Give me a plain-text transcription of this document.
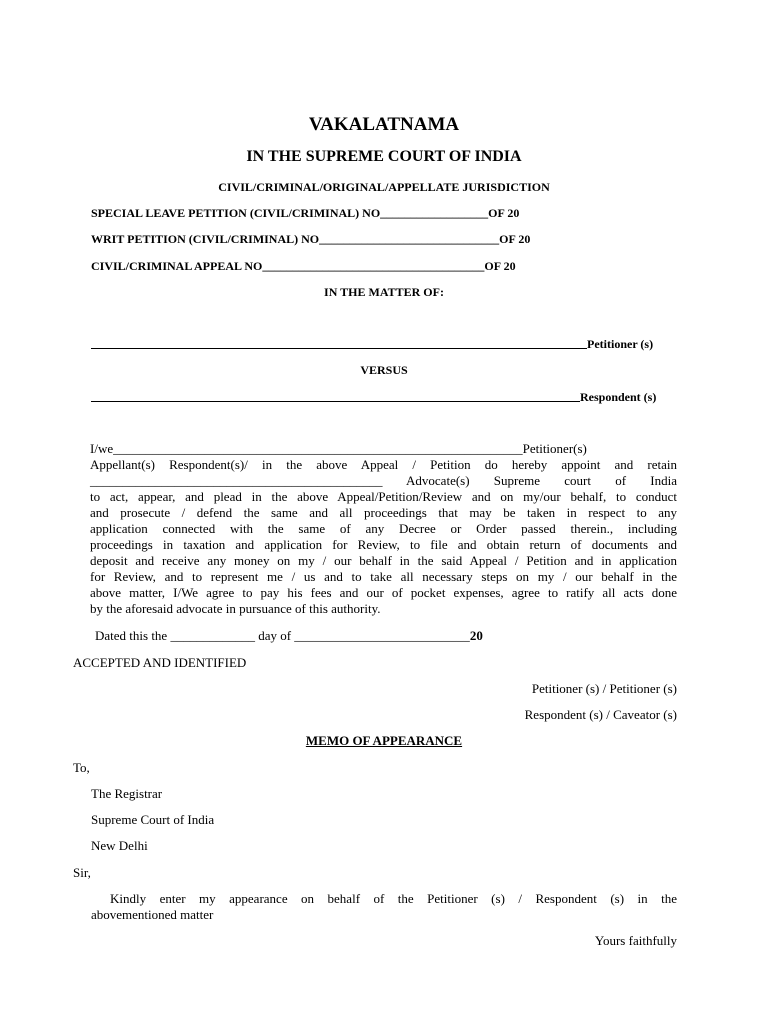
VAKALATNAMA
IN THE SUPREME COURT OF INDIA
CIVIL/CRIMINAL/ORIGINAL/APPELLATE JURISDICTION
SPECIAL LEAVE PETITION (CIVIL/CRIMINAL) NO__________________OF 20
WRIT PETITION (CIVIL/CRIMINAL) NO______________________________OF 20
CIVIL/CRIMINAL APPEAL NO_____________________________________OF 20
IN THE MATTER OF:
Petitioner (s)
VERSUS
Respondent (s)
I/we_______________________________________________________________Petitioner(s)
Appellant(s) Respondent(s)/ in the above Appeal / Petition do hereby appoint and retain
_____________________________________________ Advocate(s) Supreme court of India
to act, appear, and plead in the above Appeal/Petition/Review and on my/our behalf, to conduct
and prosecute / defend the same and all proceedings that may be taken in respect to any
application connected with the same of any Decree or Order passed therein., including
proceedings in taxation and application for Review, to file and obtain return of documents and
deposit and receive any money on my / our behalf in the said Appeal / Petition and in application
for Review, and to represent me / us and to take all necessary steps on my / our behalf in the
above matter, I/We agree to pay his fees and our of pocket expenses, agree to ratify all acts done
by the aforesaid advocate in pursuance of this authority.
Dated this the _____________ day of ___________________________20
ACCEPTED AND IDENTIFIED
Petitioner (s) / Petitioner (s)
Respondent (s) / Caveator (s)
MEMO OF APPEARANCE
To,
The Registrar
Supreme Court of India
New Delhi
Sir,
Kindly enter my appearance on behalf of the Petitioner (s) / Respondent (s) in the
abovementioned matter
Yours faithfully
